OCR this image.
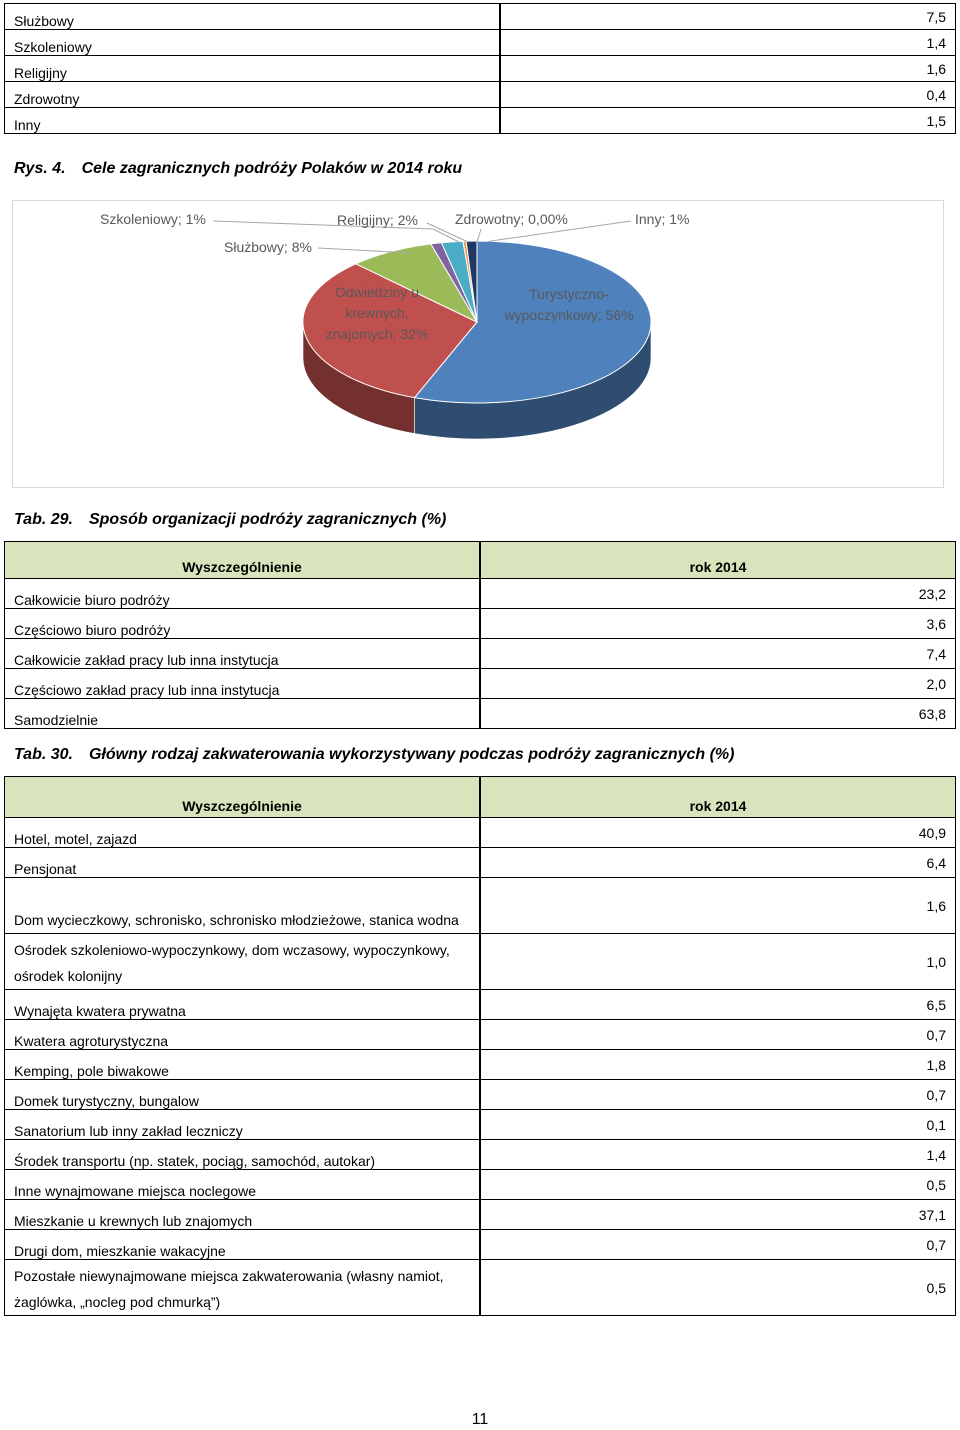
Służbowy	7,5
Szkoleniowy	1,4
Religijny	1,6
Zdrowotny	0,4
Inny	1,5
Rys. 4. Cele zagranicznych podróży Polaków w 2014 roku
Turystyczno-wypoczynkowy; 56%
Odwiedziny u krewnych, znajomych; 32%
Służbowy; 8%
Szkoleniowy; 1%	Religijny; 2%	Zdrowotny; 0,00%	Inny; 1%
Tab. 29. Sposób organizacji podróży zagranicznych (%)
Wyszczególnienie	rok 2014
Całkowicie biuro podróży	23,2
Częściowo biuro podróży	3,6
Całkowicie zakład pracy lub inna instytucja	7,4
Częściowo zakład pracy lub inna instytucja	2,0
Samodzielnie	63,8
Tab. 30. Główny rodzaj zakwaterowania wykorzystywany podczas podróży zagranicznych (%)
Wyszczególnienie	rok 2014
Hotel, motel, zajazd	40,9
Pensjonat	6,4
Dom wycieczkowy, schronisko, schronisko młodzieżowe, stanica wodna	1,6
Ośrodek szkoleniowo-wypoczynkowy, dom wczasowy, wypoczynkowy, ośrodek kolonijny	1,0
Wynajęta kwatera prywatna	6,5
Kwatera agroturystyczna	0,7
Kemping, pole biwakowe	1,8
Domek turystyczny, bungalow	0,7
Sanatorium lub inny zakład leczniczy	0,1
Środek transportu (np. statek, pociąg, samochód, autokar)	1,4
Inne wynajmowane miejsca noclegowe	0,5
Mieszkanie u krewnych lub znajomych	37,1
Drugi dom, mieszkanie wakacyjne	0,7
Pozostałe niewynajmowane miejsca zakwaterowania (własny namiot, żaglówka, „nocleg pod chmurką”)	0,5
11
